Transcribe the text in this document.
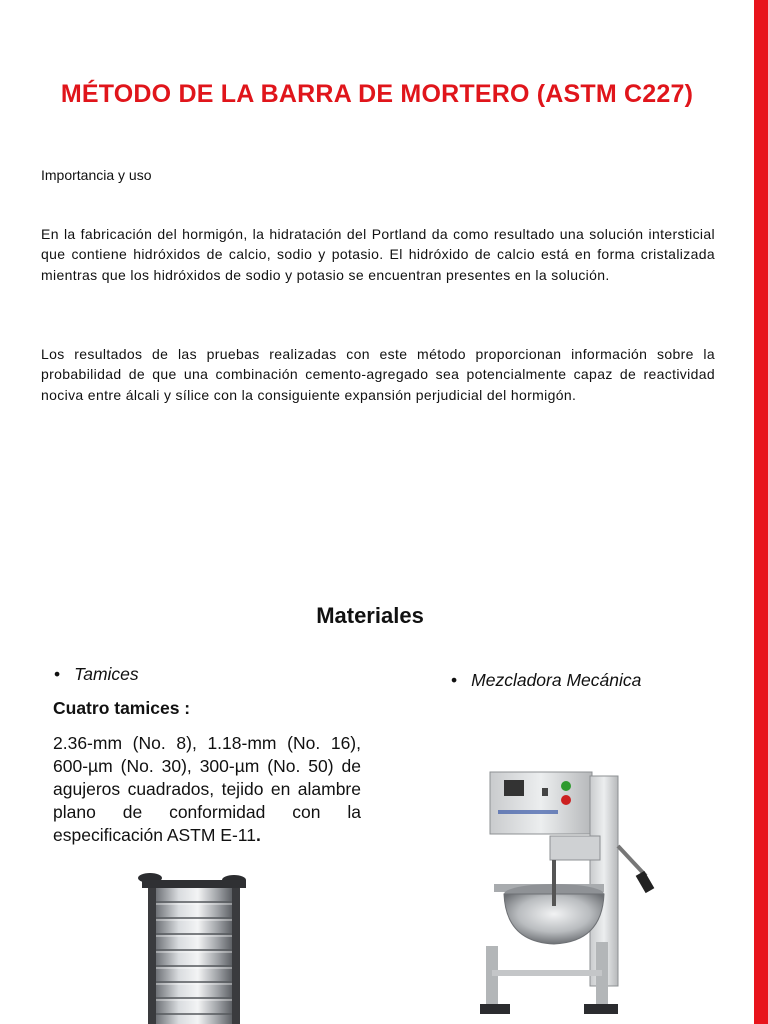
MÉTODO DE LA BARRA DE MORTERO (ASTM C227)

Importancia y uso

En la fabricación del hormigón, la hidratación del Portland da como resultado una solución intersticial que contiene hidróxidos de calcio, sodio y potasio. El hidróxido de calcio está en forma cristalizada mientras que los hidróxidos de sodio y potasio se encuentran presentes en la solución.

Los resultados de las pruebas realizadas con este método proporcionan información sobre la probabilidad de que una combinación cemento-agregado sea potencialmente capaz de reactividad nociva entre álcali y sílice con la consiguiente expansión perjudicial del hormigón.

Materiales
• Tamices	• Mezcladora Mecánica

Cuatro tamices :

2.36-mm (No. 8), 1.18-mm (No. 16), 600-µm (No. 30), 300-µm (No. 50) de agujeros cuadrados, tejido en alambre plano de conformidad con la especificación ASTM E-11.
